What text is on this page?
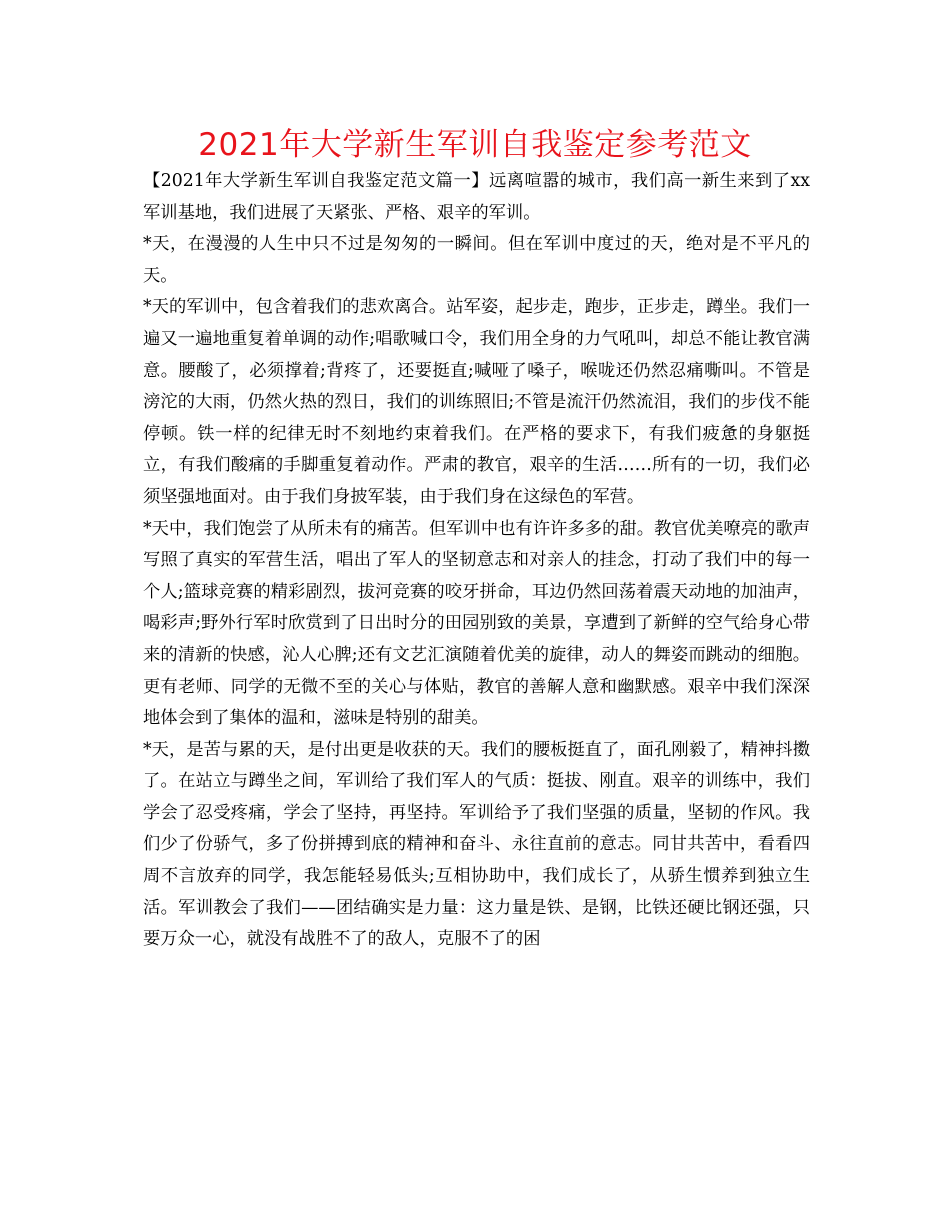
2021年大学新生军训自我鉴定参考范文

【2021年大学新生军训自我鉴定范文篇一】远离喧嚣的城市，我们高一新生来到了xx军训基地，我们进展了天紧张、严格、艰辛的军训。

*天，在漫漫的人生中只不过是匆匆的一瞬间。但在军训中度过的天，绝对是不平凡的天。

*天的军训中，包含着我们的悲欢离合。站军姿，起步走，跑步，正步走，蹲坐。我们一遍又一遍地重复着单调的动作;唱歌喊口令，我们用全身的力气吼叫，却总不能让教官满意。腰酸了，必须撑着;背疼了，还要挺直;喊哑了嗓子，喉咙还仍然忍痛嘶叫。不管是滂沱的大雨，仍然火热的烈日，我们的训练照旧;不管是流汗仍然流泪，我们的步伐不能停顿。铁一样的纪律无时不刻地约束着我们。在严格的要求下，有我们疲惫的身躯挺立，有我们酸痛的手脚重复着动作。严肃的教官，艰辛的生活……所有的一切，我们必须坚强地面对。由于我们身披军装，由于我们身在这绿色的军营。

*天中，我们饱尝了从所未有的痛苦。但军训中也有许许多多的甜。教官优美嘹亮的歌声写照了真实的军营生活，唱出了军人的坚韧意志和对亲人的挂念，打动了我们中的每一个人;篮球竞赛的精彩剧烈，拔河竞赛的咬牙拼命，耳边仍然回荡着震天动地的加油声，喝彩声;野外行军时欣赏到了日出时分的田园别致的美景，享遭到了新鲜的空气给身心带来的清新的快感，沁人心脾;还有文艺汇演随着优美的旋律，动人的舞姿而跳动的细胞。更有老师、同学的无微不至的关心与体贴，教官的善解人意和幽默感。艰辛中我们深深地体会到了集体的温和，滋味是特别的甜美。

*天，是苦与累的天，是付出更是收获的天。我们的腰板挺直了，面孔刚毅了，精神抖擞了。在站立与蹲坐之间，军训给了我们军人的气质：挺拔、刚直。艰辛的训练中，我们学会了忍受疼痛，学会了坚持，再坚持。军训给予了我们坚强的质量，坚韧的作风。我们少了份骄气，多了份拼搏到底的精神和奋斗、永往直前的意志。同甘共苦中，看看四周不言放弃的同学，我怎能轻易低头;互相协助中，我们成长了，从骄生惯养到独立生活。军训教会了我们——团结确实是力量：这力量是铁、是钢，比铁还硬比钢还强，只要万众一心，就没有战胜不了的敌人，克服不了的困
